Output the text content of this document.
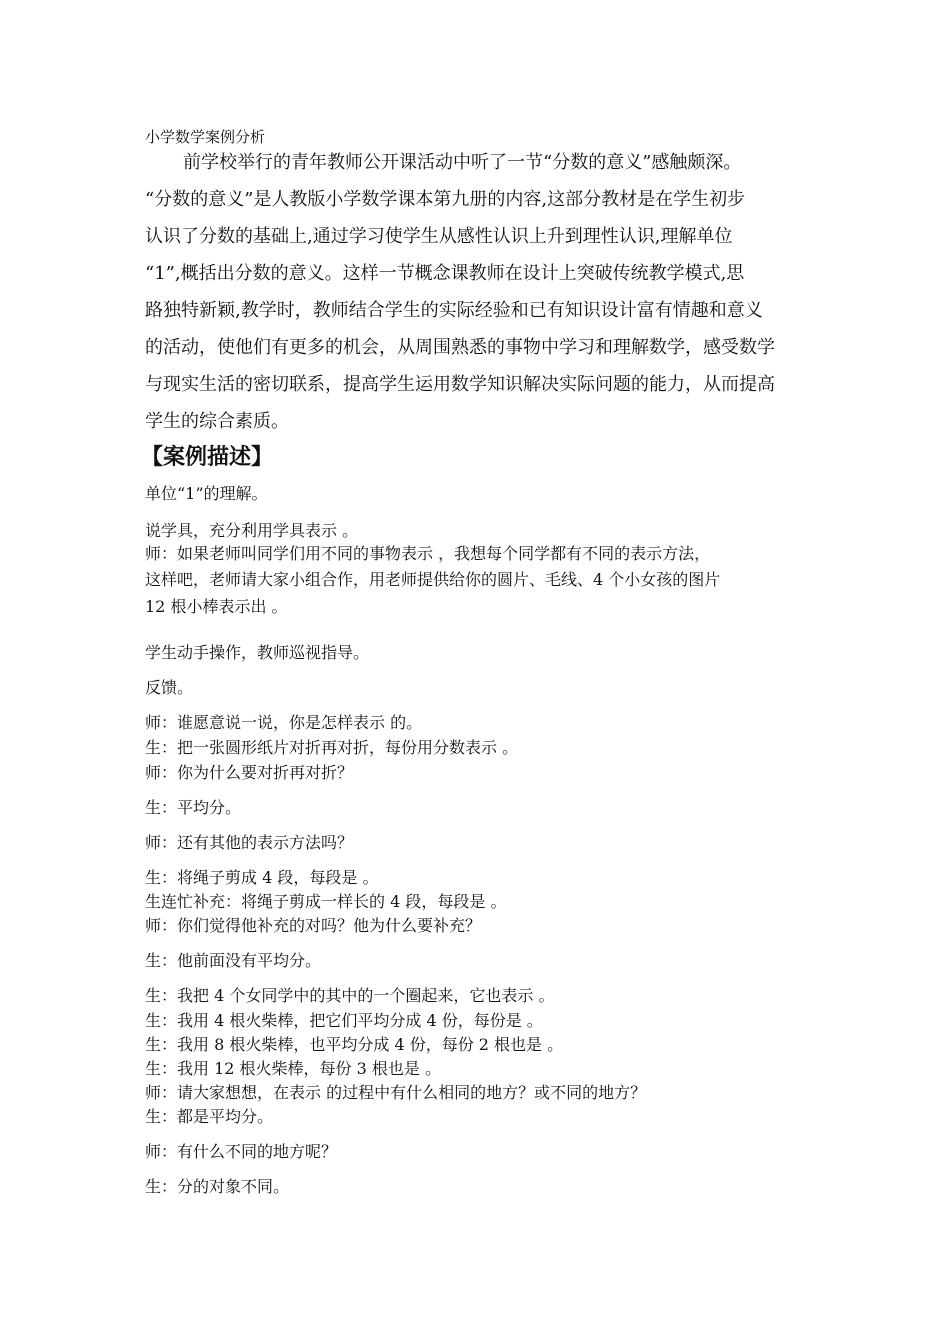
小学数学案例分析
前学校举行的青年教师公开课活动中听了一节“分数的意义”感触颇深。
“分数的意义”是人教版小学数学课本第九册的内容,这部分教材是在学生初步
认识了分数的基础上,通过学习使学生从感性认识上升到理性认识,理解单位
“1”,概括出分数的意义。这样一节概念课教师在设计上突破传统教学模式,思
路独特新颖,教学时，教师结合学生的实际经验和已有知识设计富有情趣和意义
的活动，使他们有更多的机会，从周围熟悉的事物中学习和理解数学，感受数学
与现实生活的密切联系，提高学生运用数学知识解决实际问题的能力，从而提高
学生的综合素质。
【案例描述】
单位“1”的理解。
说学具，充分利用学具表示 。
师：如果老师叫同学们用不同的事物表示 ，我想每个同学都有不同的表示方法，
这样吧，老师请大家小组合作，用老师提供给你的圆片、毛线、4 个小女孩的图片
12 根小棒表示出 。
学生动手操作，教师巡视指导。
反馈。
师：谁愿意说一说，你是怎样表示 的。
生：把一张圆形纸片对折再对折，每份用分数表示 。
师：你为什么要对折再对折？
生：平均分。
师：还有其他的表示方法吗？
生：将绳子剪成 4 段，每段是 。
生连忙补充：将绳子剪成一样长的 4 段，每段是 。
师：你们觉得他补充的对吗？他为什么要补充？
生：他前面没有平均分。
生：我把 4 个女同学中的其中的一个圈起来，它也表示 。
生：我用 4 根火柴棒，把它们平均分成 4 份，每份是 。
生：我用 8 根火柴棒，也平均分成 4 份，每份 2 根也是 。
生：我用 12 根火柴棒，每份 3 根也是 。
师：请大家想想，在表示 的过程中有什么相同的地方？或不同的地方？
生：都是平均分。
师：有什么不同的地方呢？
生：分的对象不同。
